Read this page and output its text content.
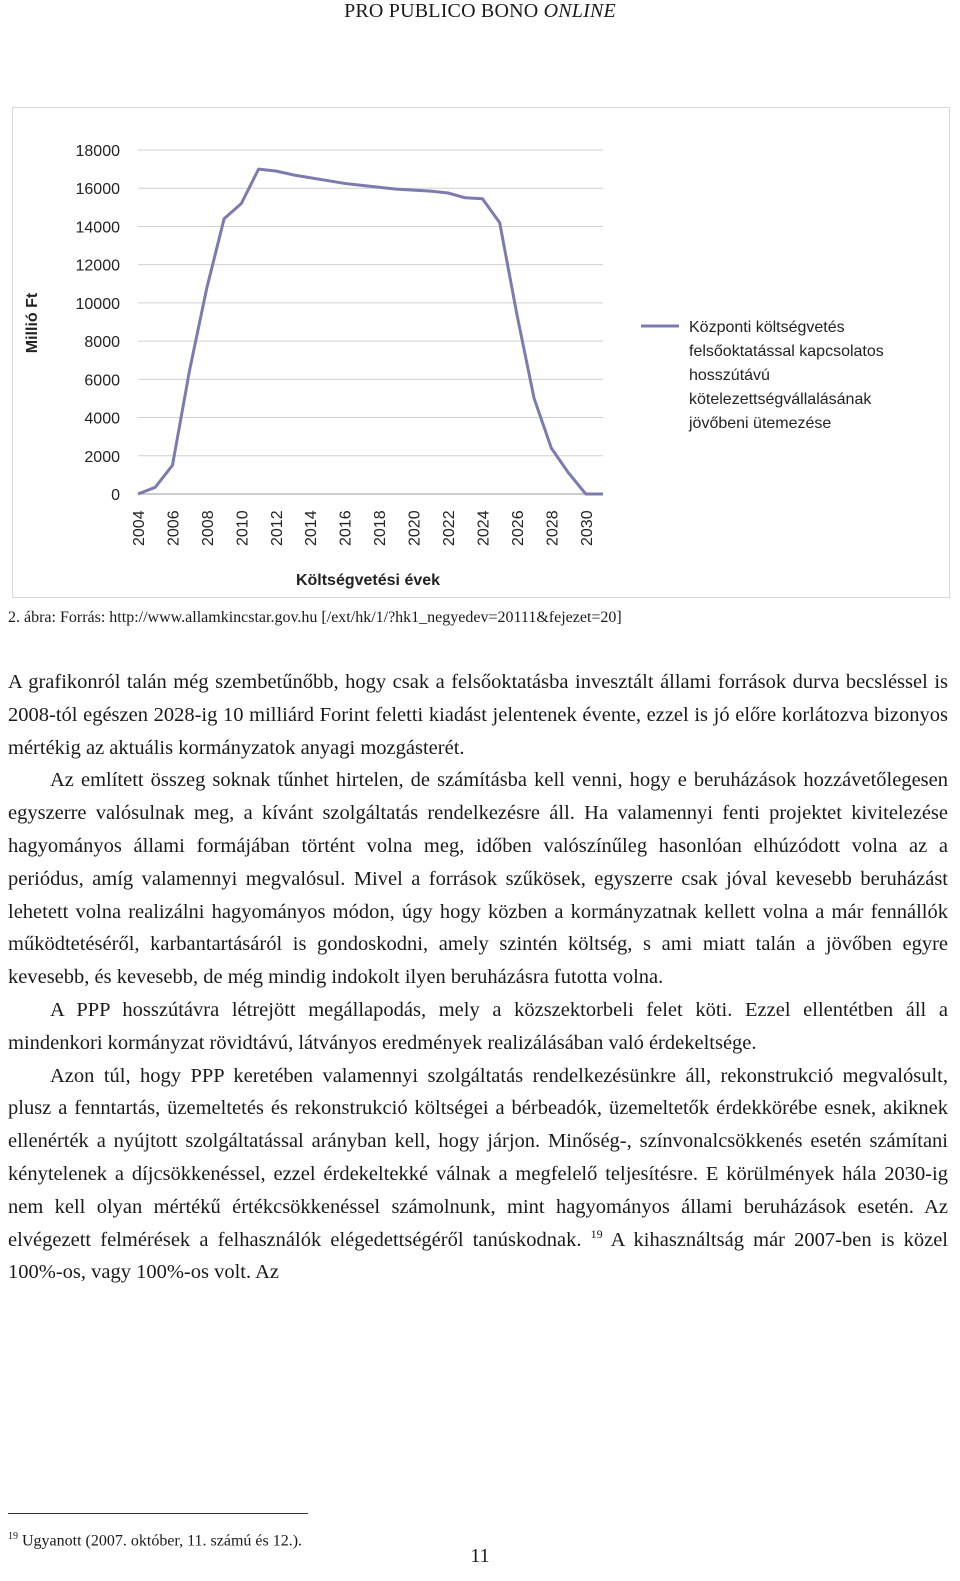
PRO PUBLICO BONO ONLINE
0
2000
4000
6000
8000
10000
12000
14000
16000
18000
2004 2006 2008 2010 2012 2014 2016 2018 2020 2022 2024 2026 2028 2030
Millió Ft
Költségvetési évek
Központi költségvetés
felsőoktatással kapcsolatos
hosszútávú
kötelezettségvállalásának
jövőbeni ütemezése
2. ábra: Forrás: http://www.allamkincstar.gov.hu [/ext/hk/1/?hk1_negyedev=20111&fejezet=20]

A grafikonról talán még szembetűnőbb, hogy csak a felsőoktatásba invesztált állami források durva becsléssel is 2008-tól egészen 2028-ig 10 milliárd Forint feletti kiadást jelentenek évente, ezzel is jó előre korlátozva bizonyos mértékig az aktuális kormányzatok anyagi mozgásterét.

Az említett összeg soknak tűnhet hirtelen, de számításba kell venni, hogy e beruházások hozzávetőlegesen egyszerre valósulnak meg, a kívánt szolgáltatás rendelkezésre áll. Ha valamennyi fenti projektet kivitelezése hagyományos állami formájában történt volna meg, időben valószínűleg hasonlóan elhúzódott volna az a periódus, amíg valamennyi megvalósul. Mivel a források szűkösek, egyszerre csak jóval kevesebb beruházást lehetett volna realizálni hagyományos módon, úgy hogy közben a kormányzatnak kellett volna a már fennállók működtetéséről, karbantartásáról is gondoskodni, amely szintén költség, s ami miatt talán a jövőben egyre kevesebb, és kevesebb, de még mindig indokolt ilyen beruházásra futotta volna.

A PPP hosszútávra létrejött megállapodás, mely a közszektorbeli felet köti. Ezzel ellentétben áll a mindenkori kormányzat rövidtávú, látványos eredmények realizálásában való érdekeltsége.

Azon túl, hogy PPP keretében valamennyi szolgáltatás rendelkezésünkre áll, rekonstrukció megvalósult, plusz a fenntartás, üzemeltetés és rekonstrukció költségei a bérbeadók, üzemeltetők érdekkörébe esnek, akiknek ellenérték a nyújtott szolgáltatással arányban kell, hogy járjon. Minőség-, színvonalcsökkenés esetén számítani kénytelenek a díjcsökkenéssel, ezzel érdekeltekké válnak a megfelelő teljesítésre. E körülmények hála 2030-ig nem kell olyan mértékű értékcsökkenéssel számolnunk, mint hagyományos állami beruházások esetén. Az elvégezett felmérések a felhasználók elégedettségéről tanúskodnak. $^{19}$ A kihasználtság már 2007-ben is közel 100%-os, vagy 100%-os volt. Az

$^{19}$ Ugyanott (2007. október, 11. számú és 12.).
11
